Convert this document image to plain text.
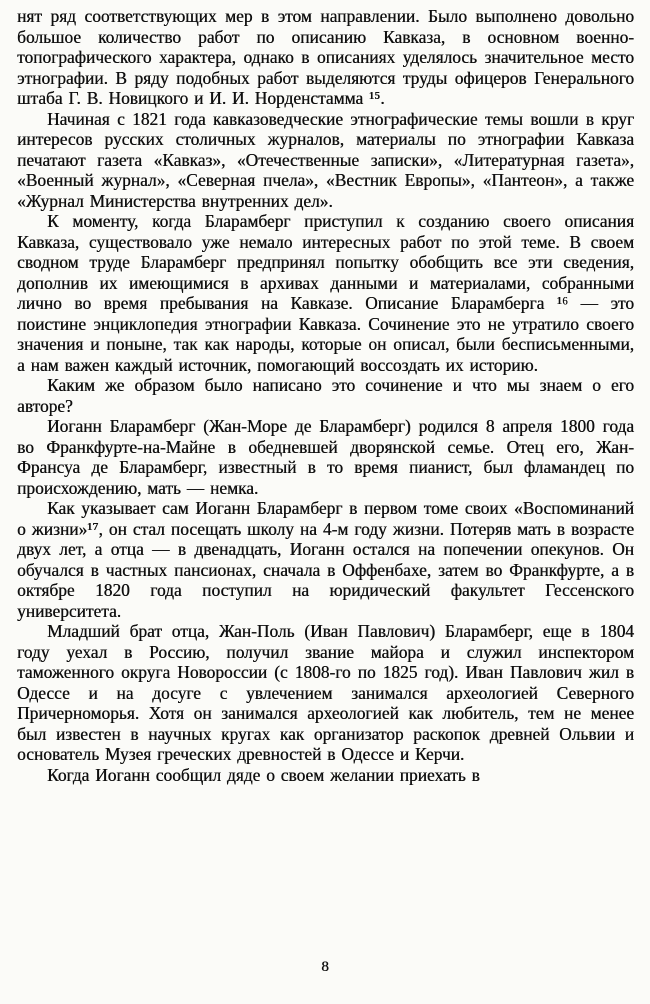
нят ряд соответствующих мер в этом направлении. Было выполнено довольно большое количество работ по описанию Кавказа, в основном военно-топографического характера, однако в описаниях уделялось значительное место этнографии. В ряду подобных работ выделяются труды офицеров Генерального штаба Г. В. Новицкого и И. И. Норденстамма ¹⁵.

Начиная с 1821 года кавказоведческие этнографические темы вошли в круг интересов русских столичных журналов, материалы по этнографии Кавказа печатают газета «Кавказ», «Отечественные записки», «Литературная газета», «Военный журнал», «Северная пчела», «Вестник Европы», «Пантеон», а также «Журнал Министерства внутренних дел».

К моменту, когда Бларамберг приступил к созданию своего описания Кавказа, существовало уже немало интересных работ по этой теме. В своем сводном труде Бларамберг предпринял попытку обобщить все эти сведения, дополнив их имеющимися в архивах данными и материалами, собранными лично во время пребывания на Кавказе. Описание Бларамберга ¹⁶ — это поистине энциклопедия этнографии Кавказа. Сочинение это не утратило своего значения и поныне, так как народы, которые он описал, были бесписьменными, а нам важен каждый источник, помогающий воссоздать их историю.

Каким же образом было написано это сочинение и что мы знаем о его авторе?

Иоганн Бларамберг (Жан-Море де Бларамберг) родился 8 апреля 1800 года во Франкфурте-на-Майне в обедневшей дворянской семье. Отец его, Жан-Франсуа де Бларамберг, известный в то время пианист, был фламандец по происхождению, мать — немка.

Как указывает сам Иоганн Бларамберг в первом томе своих «Воспоминаний о жизни»¹⁷, он стал посещать школу на 4-м году жизни. Потеряв мать в возрасте двух лет, а отца — в двенадцать, Иоганн остался на попечении опекунов. Он обучался в частных пансионах, сначала в Оффенбахе, затем во Франкфурте, а в октябре 1820 года поступил на юридический факультет Гессенского университета.

Младший брат отца, Жан-Поль (Иван Павлович) Бларамберг, еще в 1804 году уехал в Россию, получил звание майора и служил инспектором таможенного округа Новороссии (с 1808-го по 1825 год). Иван Павлович жил в Одессе и на досуге с увлечением занимался археологией Северного Причерноморья. Хотя он занимался археологией как любитель, тем не менее был известен в научных кругах как организатор раскопок древней Ольвии и основатель Музея греческих древностей в Одессе и Керчи.

Когда Иоганн сообщил дяде о своем желании приехать в

8
